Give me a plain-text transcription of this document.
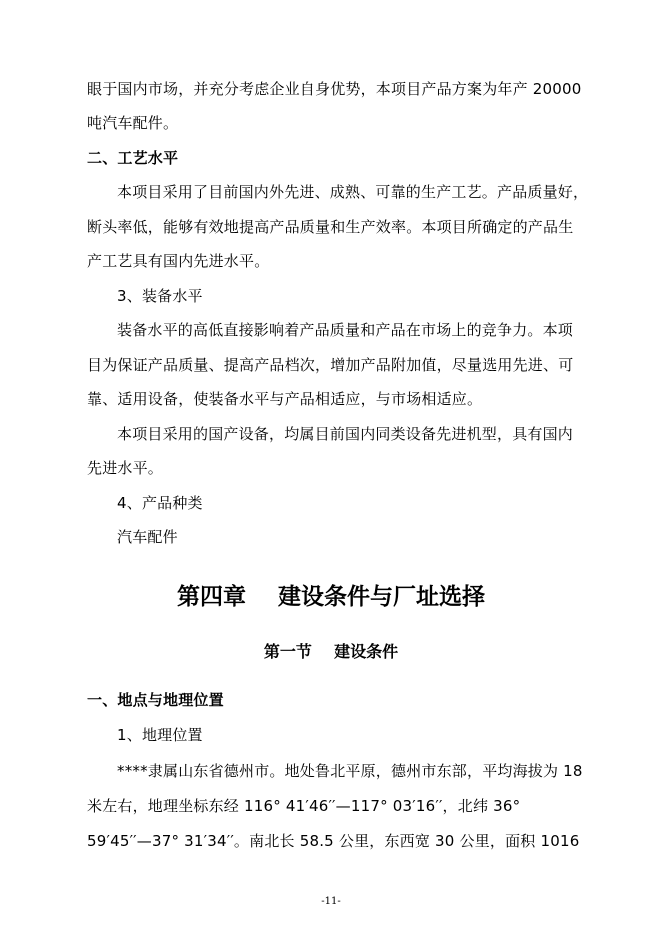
眼于国内市场，并充分考虑企业自身优势，本项目产品方案为年产 20000
吨汽车配件。
二、工艺水平
本项目采用了目前国内外先进、成熟、可靠的生产工艺。产品质量好，
断头率低，能够有效地提高产品质量和生产效率。本项目所确定的产品生
产工艺具有国内先进水平。
3、装备水平
装备水平的高低直接影响着产品质量和产品在市场上的竞争力。本项
目为保证产品质量、提高产品档次，增加产品附加值，尽量选用先进、可
靠、适用设备，使装备水平与产品相适应，与市场相适应。
本项目采用的国产设备，均属目前国内同类设备先进机型，具有国内
先进水平。
4、产品种类
汽车配件
第四章    建设条件与厂址选择
第一节    建设条件
一、地点与地理位置
1、地理位置
****隶属山东省德州市。地处鲁北平原，德州市东部，平均海拔为 18
米左右，地理坐标东经 116° 41′46′′—117° 03′16′′，北纬 36°
59′45′′—37° 31′34′′。南北长 58.5 公里，东西宽 30 公里，面积 1016
-11-
